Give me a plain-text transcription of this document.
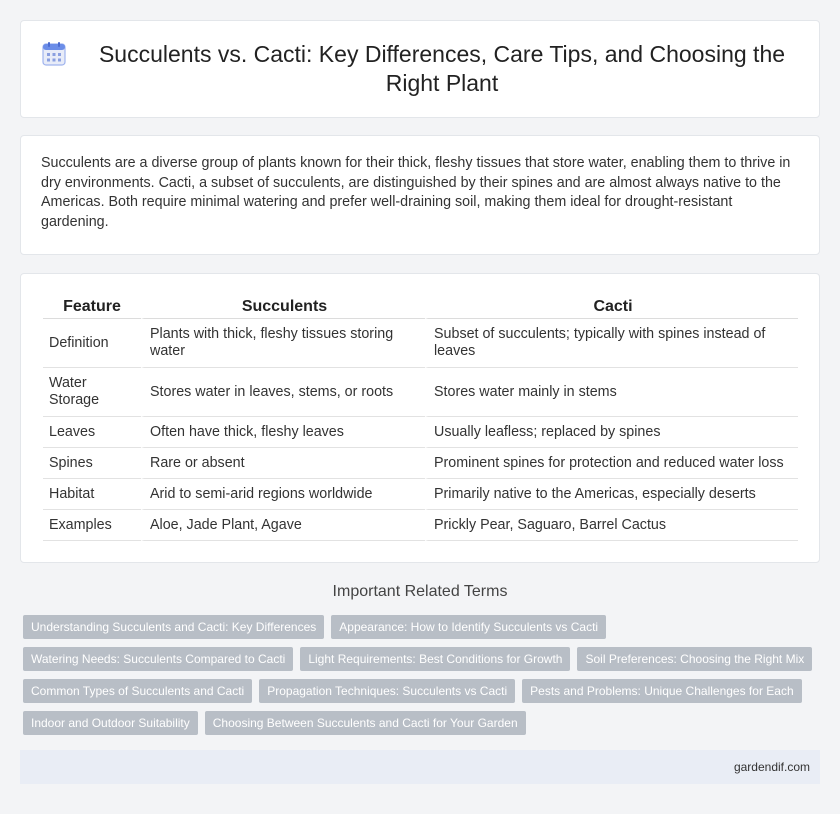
Succulents vs. Cacti: Key Differences, Care Tips, and Choosing the Right Plant

Succulents are a diverse group of plants known for their thick, fleshy tissues that store water, enabling them to thrive in dry environments. Cacti, a subset of succulents, are distinguished by their spines and are almost always native to the Americas. Both require minimal watering and prefer well-draining soil, making them ideal for drought-resistant gardening.

Feature	Succulents	Cacti
Definition	Plants with thick, fleshy tissues storing water	Subset of succulents; typically with spines instead of leaves
Water Storage	Stores water in leaves, stems, or roots	Stores water mainly in stems
Leaves	Often have thick, fleshy leaves	Usually leafless; replaced by spines
Spines	Rare or absent	Prominent spines for protection and reduced water loss
Habitat	Arid to semi-arid regions worldwide	Primarily native to the Americas, especially deserts
Examples	Aloe, Jade Plant, Agave	Prickly Pear, Saguaro, Barrel Cactus
Important Related Terms
Understanding Succulents and Cacti: Key Differences	Appearance: How to Identify Succulents vs Cacti
Watering Needs: Succulents Compared to Cacti	Light Requirements: Best Conditions for Growth	Soil Preferences: Choosing the Right Mix
Common Types of Succulents and Cacti	Propagation Techniques: Succulents vs Cacti	Pests and Problems: Unique Challenges for Each
Indoor and Outdoor Suitability	Choosing Between Succulents and Cacti for Your Garden
gardendif.com
